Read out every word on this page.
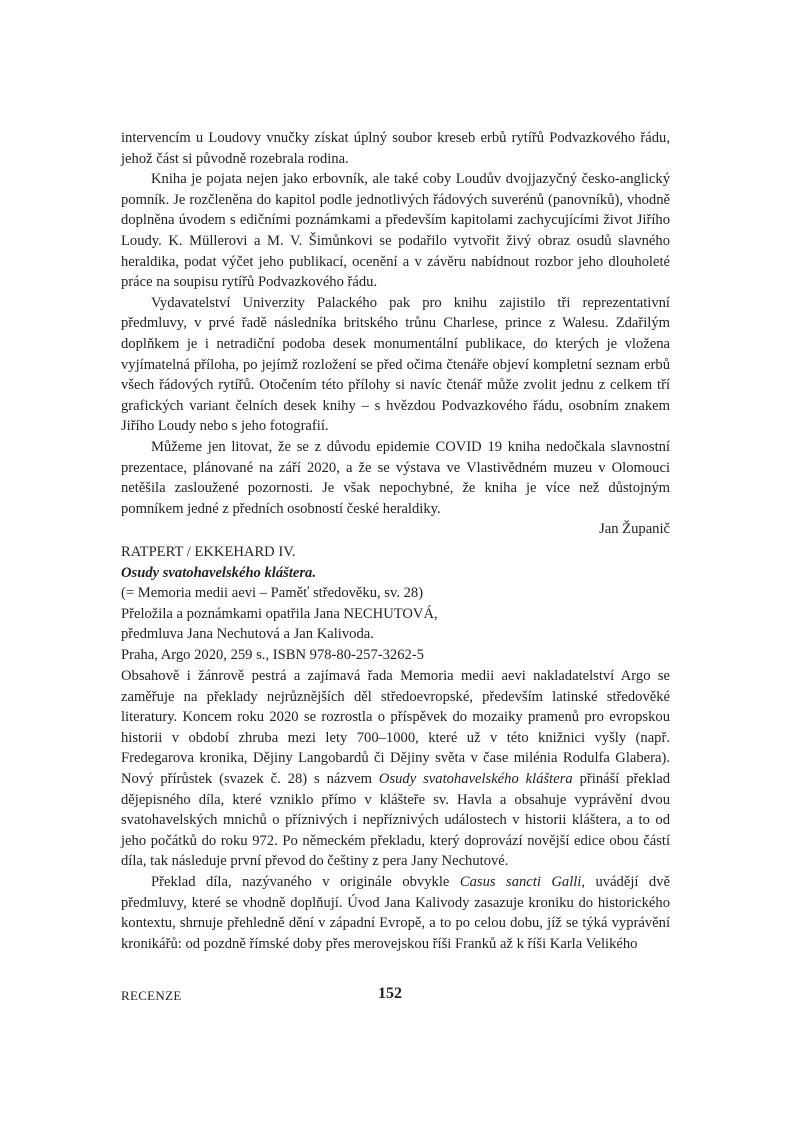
intervencím u Loudovy vnučky získat úplný soubor kreseb erbů rytířů Podvazkového řádu, jehož část si původně rozebrala rodina.

Kniha je pojata nejen jako erbovník, ale také coby Loudův dvojjazyčný česko-anglický pomník. Je rozčleněna do kapitol podle jednotlivých řádových suverénů (panovníků), vhodně doplněna úvodem s edičními poznámkami a především kapitolami zachycujícími život Jiřího Loudy. K. Müllerovi a M. V. Šimůnkovi se podařilo vytvořit živý obraz osudů slavného heraldika, podat výčet jeho publikací, ocenění a v závěru nabídnout rozbor jeho dlouholeté práce na soupisu rytířů Podvazkového řádu.

Vydavatelství Univerzity Palackého pak pro knihu zajistilo tři reprezentativní předmluvy, v prvé řadě následníka britského trůnu Charlese, prince z Walesu. Zdařilým doplňkem je i netradiční podoba desek monumentální publikace, do kterých je vložena vyjímatelná příloha, po jejímž rozložení se před očima čtenáře objeví kompletní seznam erbů všech řádových rytířů. Otočením této přílohy si navíc čtenář může zvolit jednu z celkem tří grafických variant čelních desek knihy – s hvězdou Podvazkového řádu, osobním znakem Jiřího Loudy nebo s jeho fotografií.

Můžeme jen litovat, že se z důvodu epidemie COVID 19 kniha nedočkala slavnostní prezentace, plánované na září 2020, a že se výstava ve Vlastivědném muzeu v Olomouci netěšila zasloužené pozornosti. Je však nepochybné, že kniha je více než důstojným pomníkem jedné z předních osobností české heraldiky.

Jan Županič

RATPERT / EKKEHARD IV.
Osudy svatohavelského kláštera.
(= Memoria medii aevi – Paměť středověku, sv. 28)
Přeložila a poznámkami opatřila Jana NECHUTOVÁ,
předmluva Jana Nechutová a Jan Kalivoda.
Praha, Argo 2020, 259 s., ISBN 978-80-257-3262-5

Obsahově i žánrově pestrá a zajímavá řada Memoria medii aevi nakladatelství Argo se zaměřuje na překlady nejrůznějších děl středoevropské, především latinské středověké literatury. Koncem roku 2020 se rozrostla o příspěvek do mozaiky pramenů pro evropskou historii v období zhruba mezi lety 700–1000, které už v této knižnici vyšly (např. Fredegarova kronika, Dějiny Langobardů či Dějiny světa v čase milénia Rodulfa Glabera). Nový přírůstek (svazek č. 28) s názvem Osudy svatohavelského kláštera přináší překlad dějepisného díla, které vzniklo přímo v klášteře sv. Havla a obsahuje vyprávění dvou svatohavelských mnichů o příznivých i nepříznivých událostech v historii kláštera, a to od jeho počátků do roku 972. Po německém překladu, který doprovází novější edice obou částí díla, tak následuje první převod do češtiny z pera Jany Nechutové.

Překlad díla, nazývaného v originále obvykle Casus sancti Galli, uvádějí dvě předmluvy, které se vhodně doplňují. Úvod Jana Kalivody zasazuje kroniku do historického kontextu, shrnuje přehledně dění v západní Evropě, a to po celou dobu, jíž se týká vyprávění kronikářů: od pozdně římské doby přes merovejskou říši Franků až k říši Karla Velikého

RECENZE	152
